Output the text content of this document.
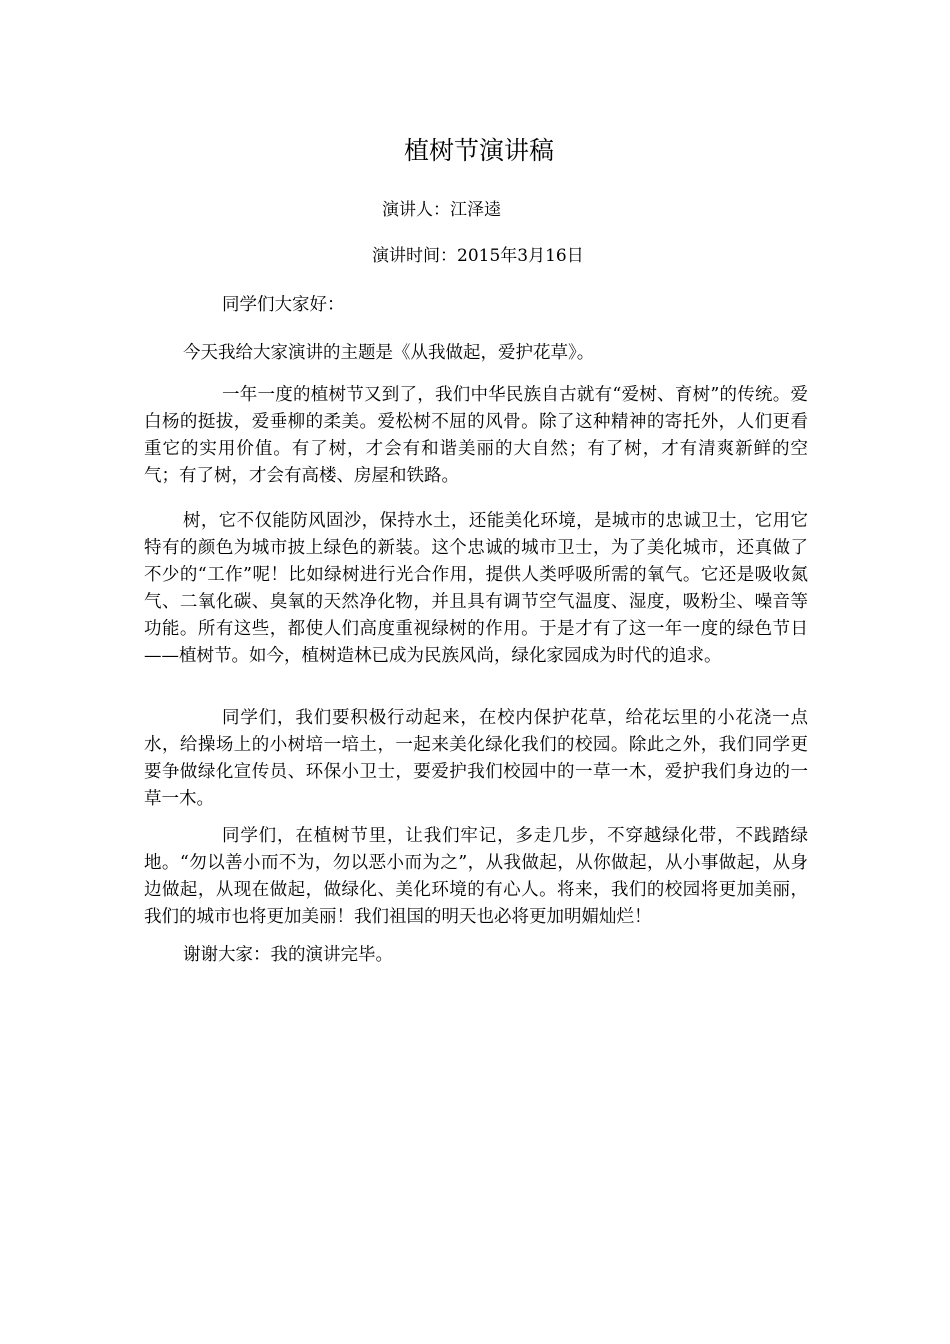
植树节演讲稿
演讲人：江泽逵
演讲时间：2015年3月16日

同学们大家好：

今天我给大家演讲的主题是《从我做起，爱护花草》。

一年一度的植树节又到了，我们中华民族自古就有“爱树、育树”的传统。爱白杨的挺拔，爱垂柳的柔美。爱松树不屈的风骨。除了这种精神的寄托外，人们更看重它的实用价值。有了树，才会有和谐美丽的大自然；有了树，才有清爽新鲜的空气；有了树，才会有高楼、房屋和铁路。

树，它不仅能防风固沙，保持水土，还能美化环境，是城市的忠诚卫士，它用它特有的颜色为城市披上绿色的新装。这个忠诚的城市卫士，为了美化城市，还真做了不少的“工作”呢！比如绿树进行光合作用，提供人类呼吸所需的氧气。它还是吸收氮气、二氧化碳、臭氧的天然净化物，并且具有调节空气温度、湿度，吸粉尘、噪音等功能。所有这些，都使人们高度重视绿树的作用。于是才有了这一年一度的绿色节日——植树节。如今，植树造林已成为民族风尚，绿化家园成为时代的追求。

同学们，我们要积极行动起来，在校内保护花草，给花坛里的小花浇一点水，给操场上的小树培一培土，一起来美化绿化我们的校园。除此之外，我们同学更要争做绿化宣传员、环保小卫士，要爱护我们校园中的一草一木，爱护我们身边的一草一木。

同学们，在植树节里，让我们牢记，多走几步，不穿越绿化带，不践踏绿地。“勿以善小而不为，勿以恶小而为之”，从我做起，从你做起，从小事做起，从身边做起，从现在做起，做绿化、美化环境的有心人。将来，我们的校园将更加美丽，我们的城市也将更加美丽！我们祖国的明天也必将更加明媚灿烂！

谢谢大家：我的演讲完毕。
